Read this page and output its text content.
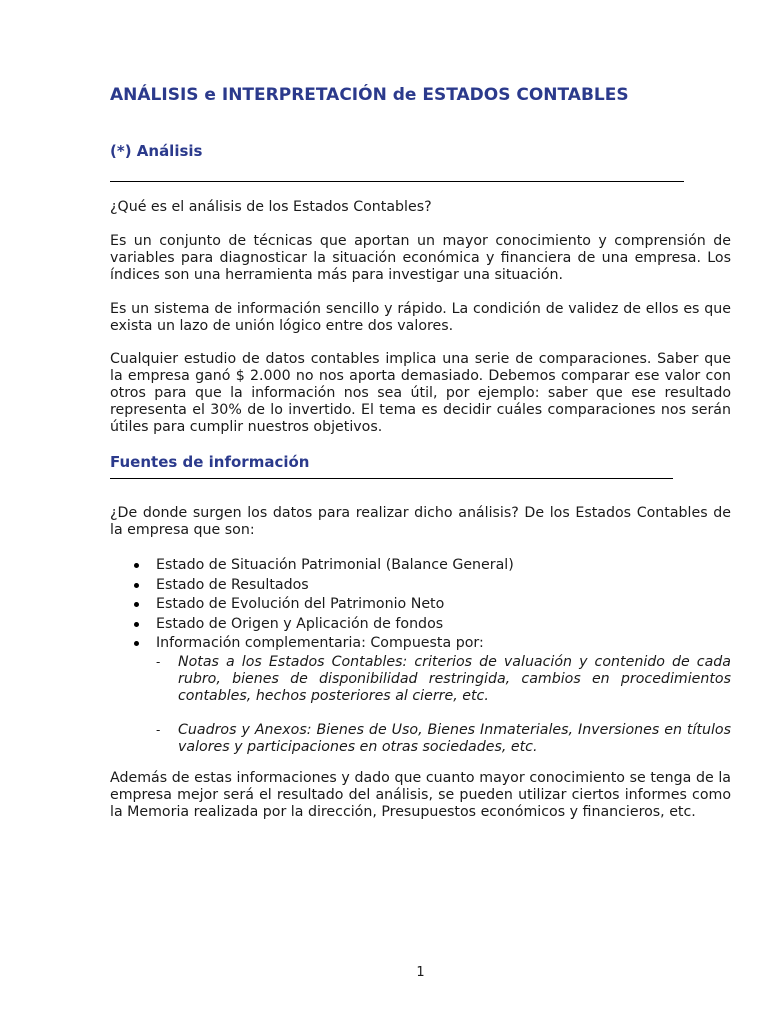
ANÁLISIS e INTERPRETACIÓN de ESTADOS CONTABLES
(*) Análisis

¿Qué es el análisis de los Estados Contables?

Es un conjunto de técnicas que aportan un mayor conocimiento y comprensión de variables para diagnosticar la situación económica y financiera de una empresa. Los índices son una herramienta más para investigar una situación.

Es un sistema de información sencillo y rápido. La condición de validez de ellos es que exista un lazo de unión lógico entre dos valores.

Cualquier estudio de datos contables implica una serie de comparaciones. Saber que la empresa ganó $ 2.000 no nos aporta demasiado. Debemos comparar ese valor con otros para que la información nos sea útil, por ejemplo: saber que ese resultado representa el 30% de lo invertido. El tema es decidir cuáles comparaciones nos serán útiles para cumplir nuestros objetivos.

Fuentes de información

¿De donde surgen los datos para realizar dicho análisis? De los Estados Contables de la empresa que son:

Estado de Situación Patrimonial (Balance General)
Estado de Resultados
Estado de Evolución del Patrimonio Neto
Estado de Origen y Aplicación de fondos
Información complementaria: Compuesta por:
- Notas a los Estados Contables: criterios de valuación y contenido de cada rubro, bienes de disponibilidad restringida, cambios en procedimientos contables, hechos posteriores al cierre, etc.
- Cuadros y Anexos: Bienes de Uso, Bienes Inmateriales, Inversiones en títulos valores y participaciones en otras sociedades, etc.

Además de estas informaciones y dado que cuanto mayor conocimiento se tenga de la empresa mejor será el resultado del análisis, se pueden utilizar ciertos informes como la Memoria realizada por la dirección, Presupuestos económicos y financieros, etc.

1
